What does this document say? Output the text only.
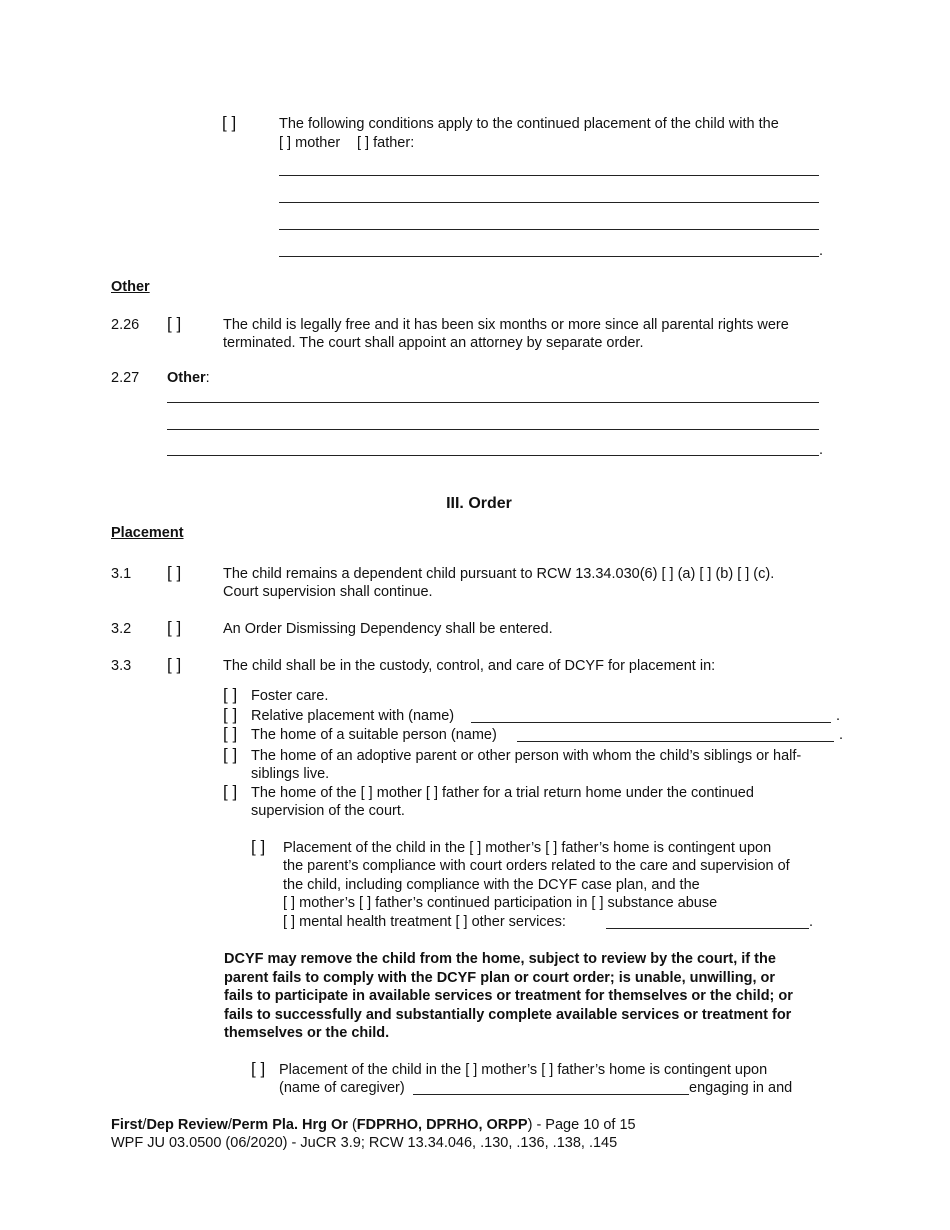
[ ]	The following conditions apply to the continued placement of the child with the
[ ] mother [ ] father:
.
Other
2.26 [ ]	The child is legally free and it has been six months or more since all parental rights were
terminated. The court shall appoint an attorney by separate order.
2.27 Other:
.
III. Order
Placement
3.1 [ ]	The child remains a dependent child pursuant to RCW 13.34.030(6) [ ] (a) [ ] (b) [ ] (c).
Court supervision shall continue.
3.2 [ ]	An Order Dismissing Dependency shall be entered.
3.3 [ ]	The child shall be in the custody, control, and care of DCYF for placement in:
[ ] Foster care.
[ ] Relative placement with (name)	.
[ ] The home of a suitable person (name)	.
[ ] The home of an adoptive parent or other person with whom the child’s siblings or half-
siblings live.
[ ] The home of the [ ] mother [ ] father for a trial return home under the continued
supervision of the court.
[ ] Placement of the child in the [ ] mother’s [ ] father’s home is contingent upon
the parent’s compliance with court orders related to the care and supervision of
the child, including compliance with the DCYF case plan, and the
[ ] mother’s [ ] father’s continued participation in [ ] substance abuse
[ ] mental health treatment [ ] other services:	.
DCYF may remove the child from the home, subject to review by the court, if the
parent fails to comply with the DCYF plan or court order; is unable, unwilling, or
fails to participate in available services or treatment for themselves or the child; or
fails to successfully and substantially complete available services or treatment for
themselves or the child.
[ ] Placement of the child in the [ ] mother’s [ ] father’s home is contingent upon
(name of caregiver)	engaging in and
First/Dep Review/Perm Pla. Hrg Or (FDPRHO, DPRHO, ORPP) - Page 10 of 15
WPF JU 03.0500 (06/2020) - JuCR 3.9; RCW 13.34.046, .130, .136, .138, .145
